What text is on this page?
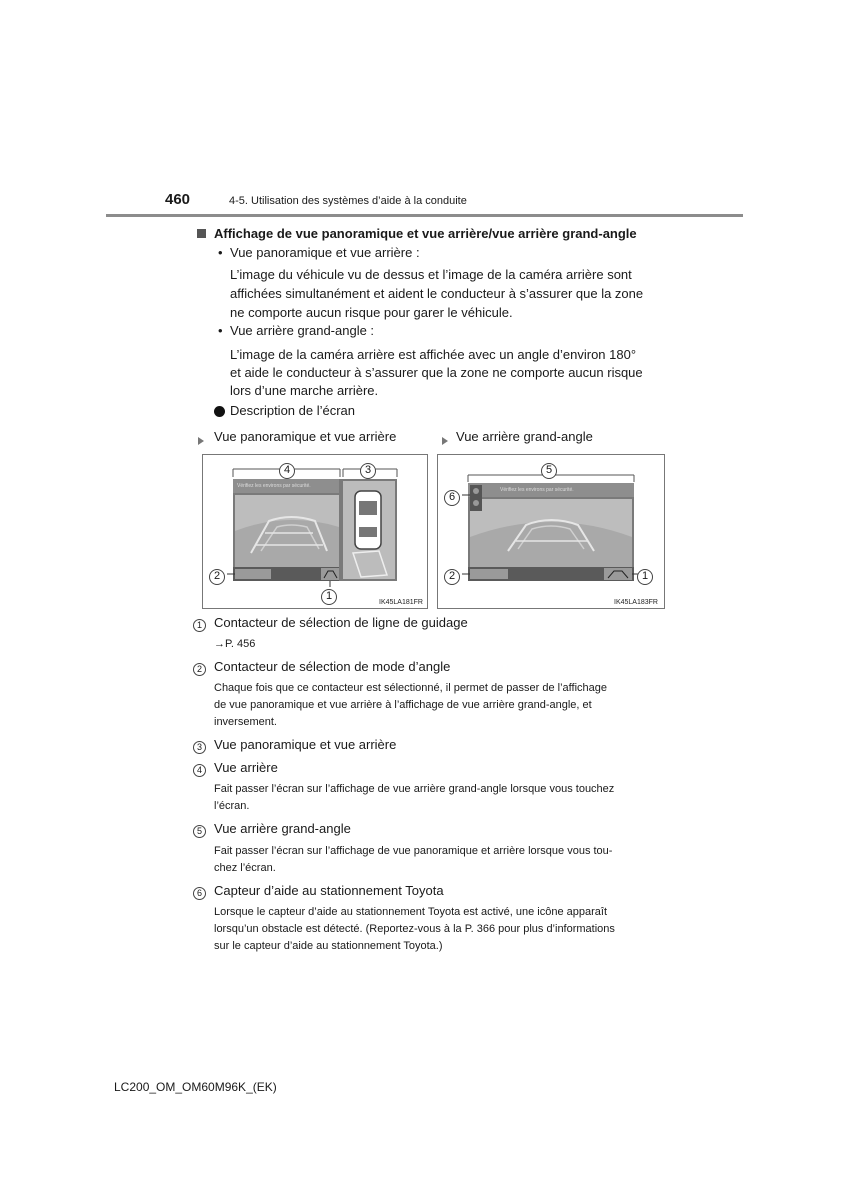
460	4-5. Utilisation des systèmes d’aide à la conduite
Affichage de vue panoramique et vue arrière/vue arrière grand-angle
• Vue panoramique et vue arrière :
L’image du véhicule vu de dessus et l’image de la caméra arrière sont
affichées simultanément et aident le conducteur à s’assurer que la zone
ne comporte aucun risque pour garer le véhicule.
• Vue arrière grand-angle :
L’image de la caméra arrière est affichée avec un angle d’environ 180°
et aide le conducteur à s’assurer que la zone ne comporte aucun risque
lors d’une marche arrière.
Description de l’écran
Vue panoramique et vue arrière	Vue arrière grand-angle
Vérifiez les environs par sécurité.
IK45LA181FR
4	3
2
1
Vérifiez les environs par sécurité.
IK45LA183FR
5
6
2	1
1 Contacteur de sélection de ligne de guidage
→P. 456
2 Contacteur de sélection de mode d’angle
Chaque fois que ce contacteur est sélectionné, il permet de passer de l’affichage
de vue panoramique et vue arrière à l’affichage de vue arrière grand-angle, et
inversement.
3 Vue panoramique et vue arrière
4 Vue arrière
Fait passer l’écran sur l’affichage de vue arrière grand-angle lorsque vous touchez
l’écran.
5 Vue arrière grand-angle
Fait passer l’écran sur l’affichage de vue panoramique et arrière lorsque vous tou-
chez l’écran.
6 Capteur d’aide au stationnement Toyota
Lorsque le capteur d’aide au stationnement Toyota est activé, une icône apparaît
lorsqu’un obstacle est détecté. (Reportez-vous à la P. 366 pour plus d’informations
sur le capteur d’aide au stationnement Toyota.)
LC200_OM_OM60M96K_(EK)
